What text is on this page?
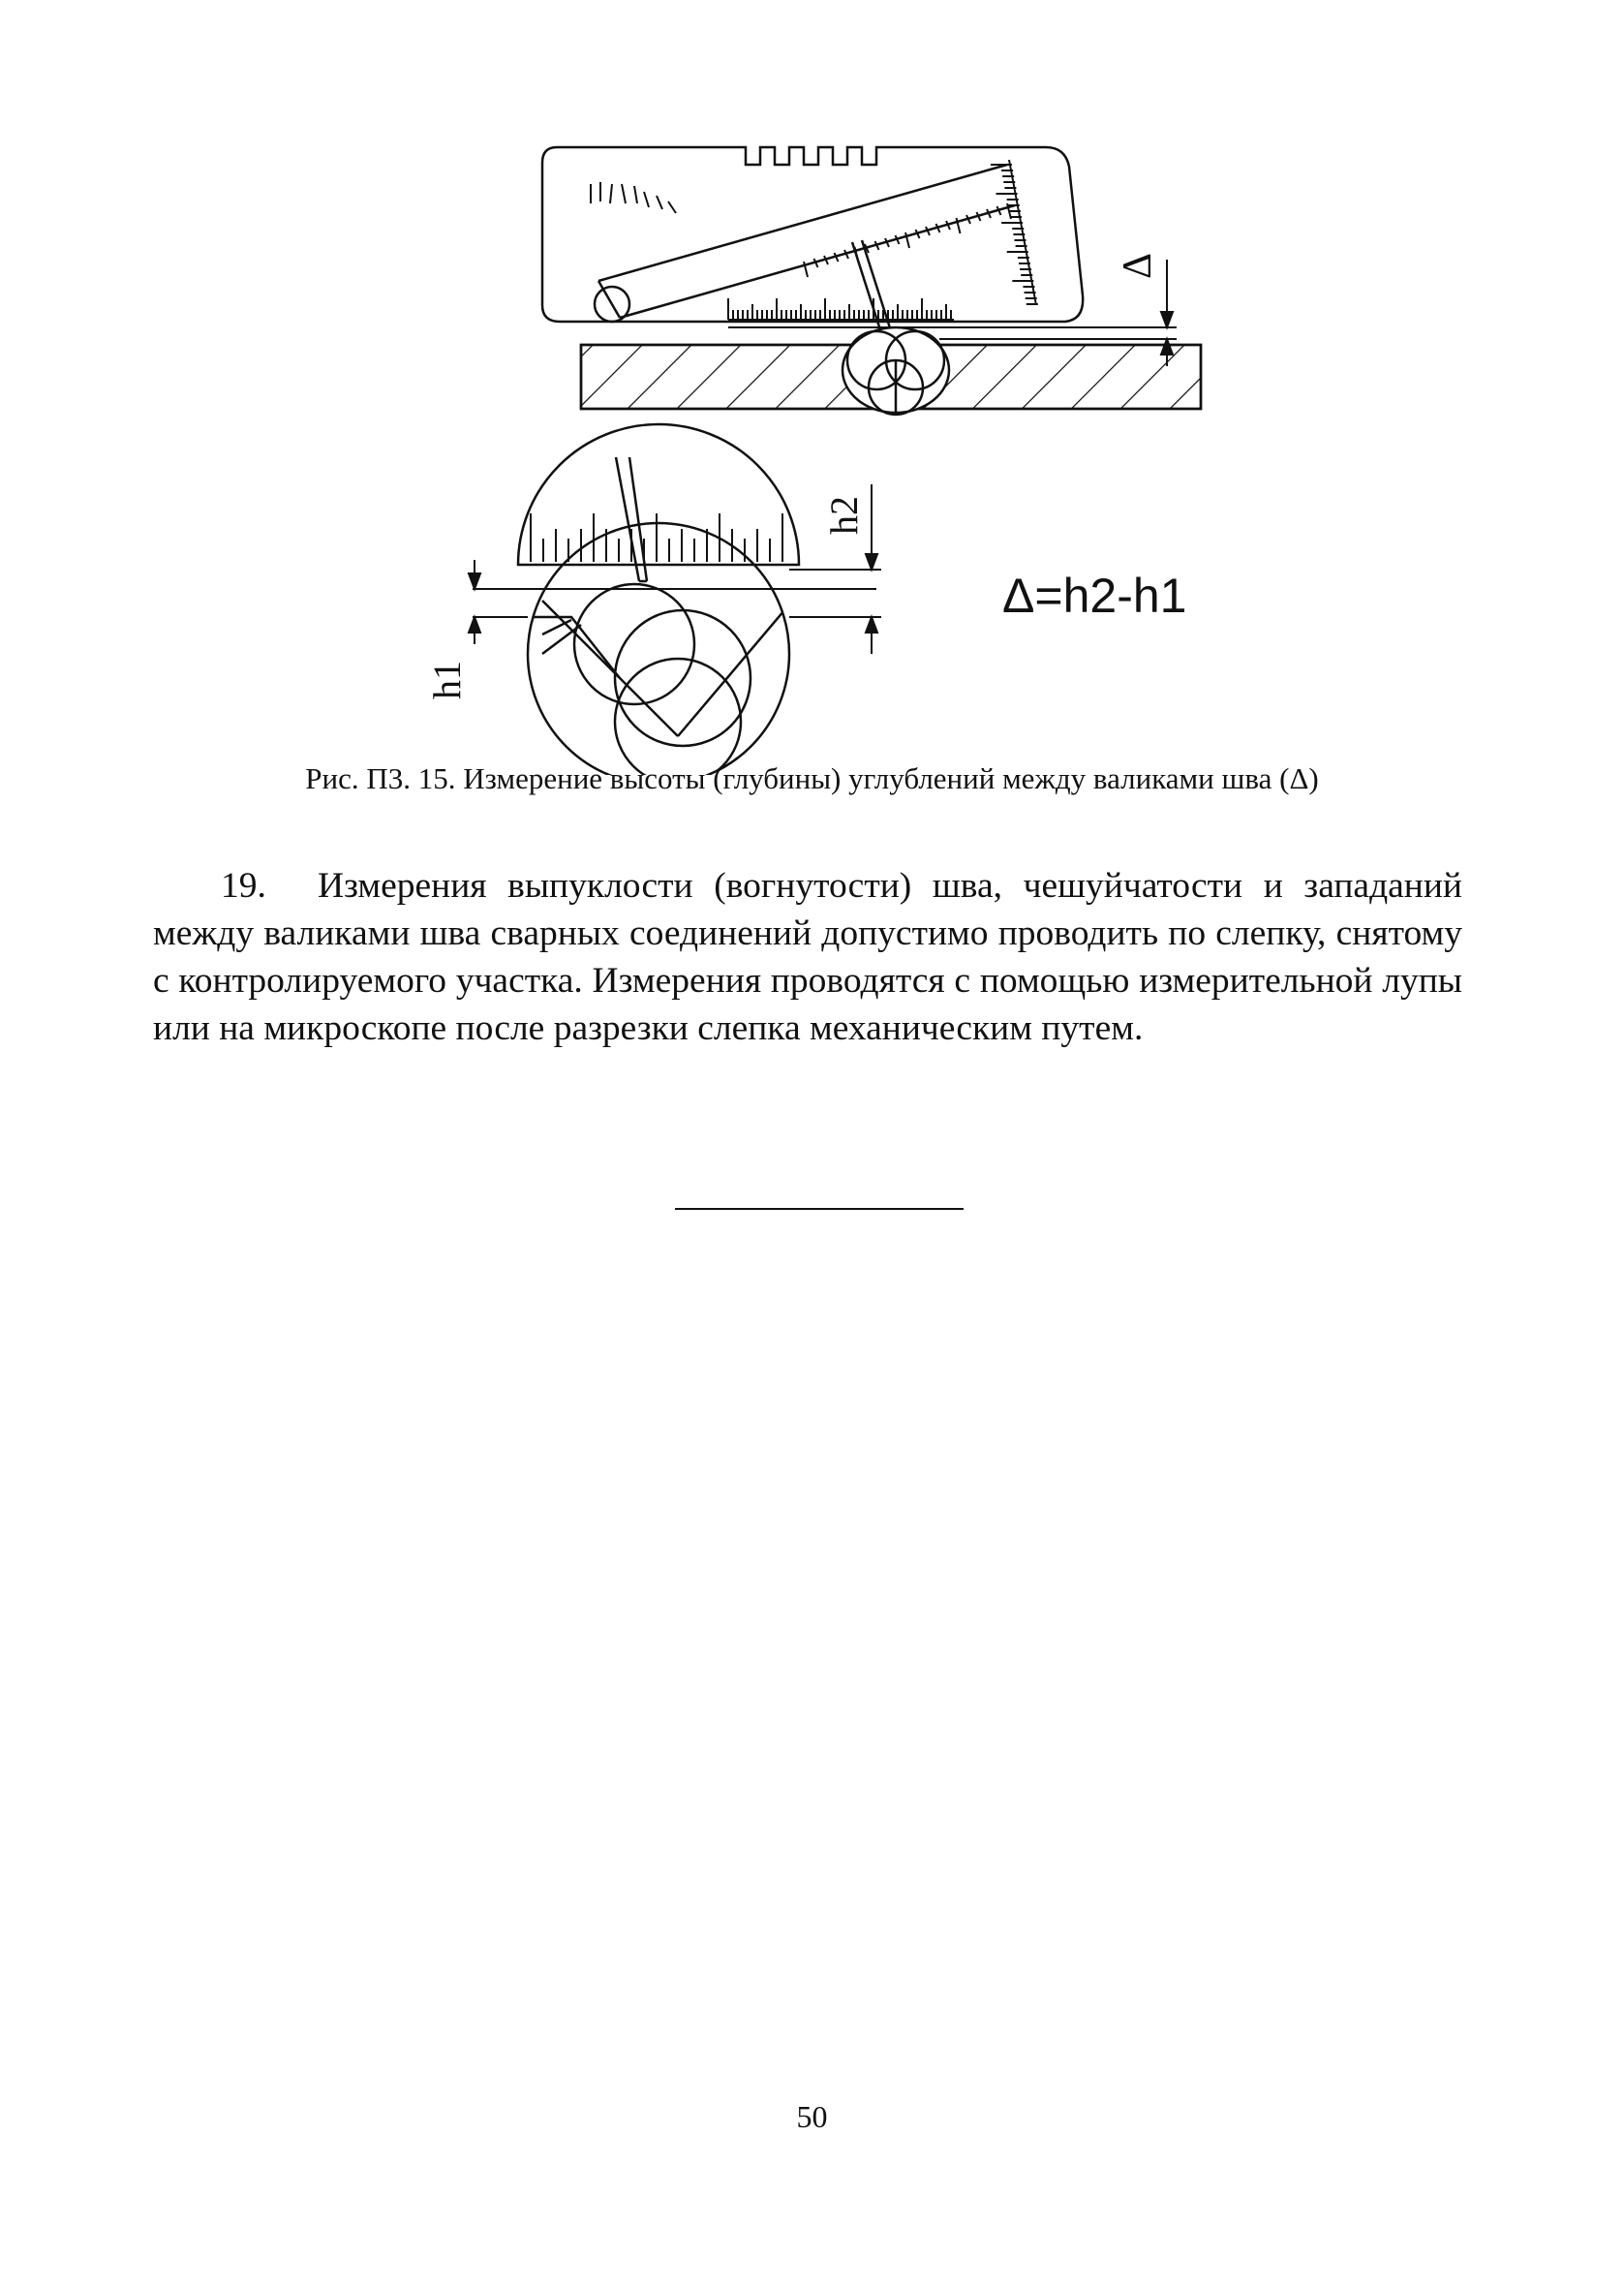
Δ
h1
h2
Δ=h2-h1
Рис. П3. 15. Измерение высоты (глубины) углублений между валиками шва (Δ)
19. Измерения выпуклости (вогнутости) шва, чешуйчатости и западаний между валиками шва сварных соединений допустимо проводить по слепку, снятому с контролируемого участка. Измерения проводятся с помощью измерительной лупы или на микроскопе после разрезки слепка механическим путем.
50
